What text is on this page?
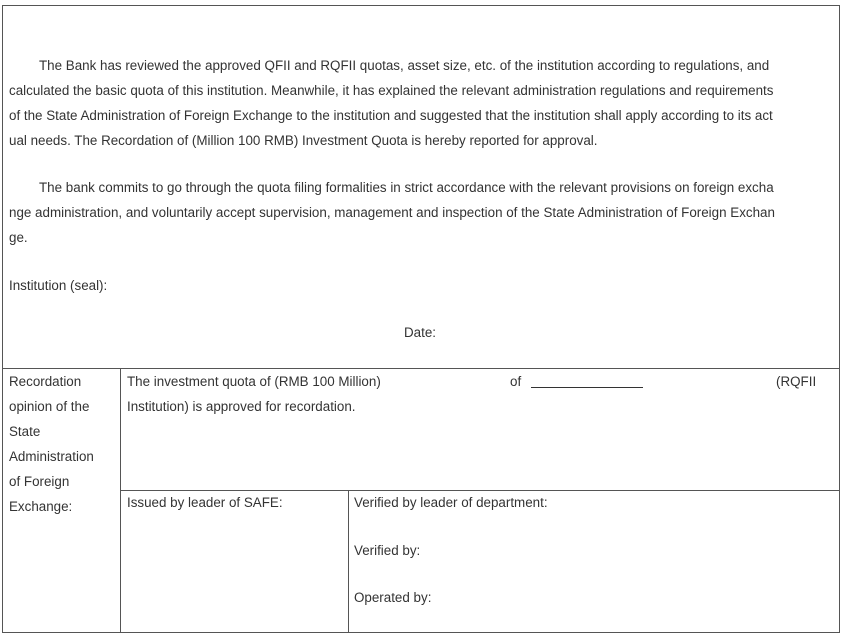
The Bank has reviewed the approved QFII and RQFII quotas, asset size, etc. of the institution according to regulations, and
calculated the basic quota of this institution. Meanwhile, it has explained the relevant administration regulations and requirements
of the State Administration of Foreign Exchange to the institution and suggested that the institution shall apply according to its act
ual needs. The Recordation of (Million 100 RMB) Investment Quota is hereby reported for approval.
The bank commits to go through the quota filing formalities in strict accordance with the relevant provisions on foreign excha
nge administration, and voluntarily accept supervision, management and inspection of the State Administration of Foreign Exchan
ge.
Institution (seal):
Date:
Recordation
opinion of the
State
Administration
of Foreign
Exchange:
The investment quota of (RMB 100 Million)	of	(RQFII
Institution) is approved for recordation.
Issued by leader of SAFE:	Verified by leader of department:
Verified by:
Operated by:
